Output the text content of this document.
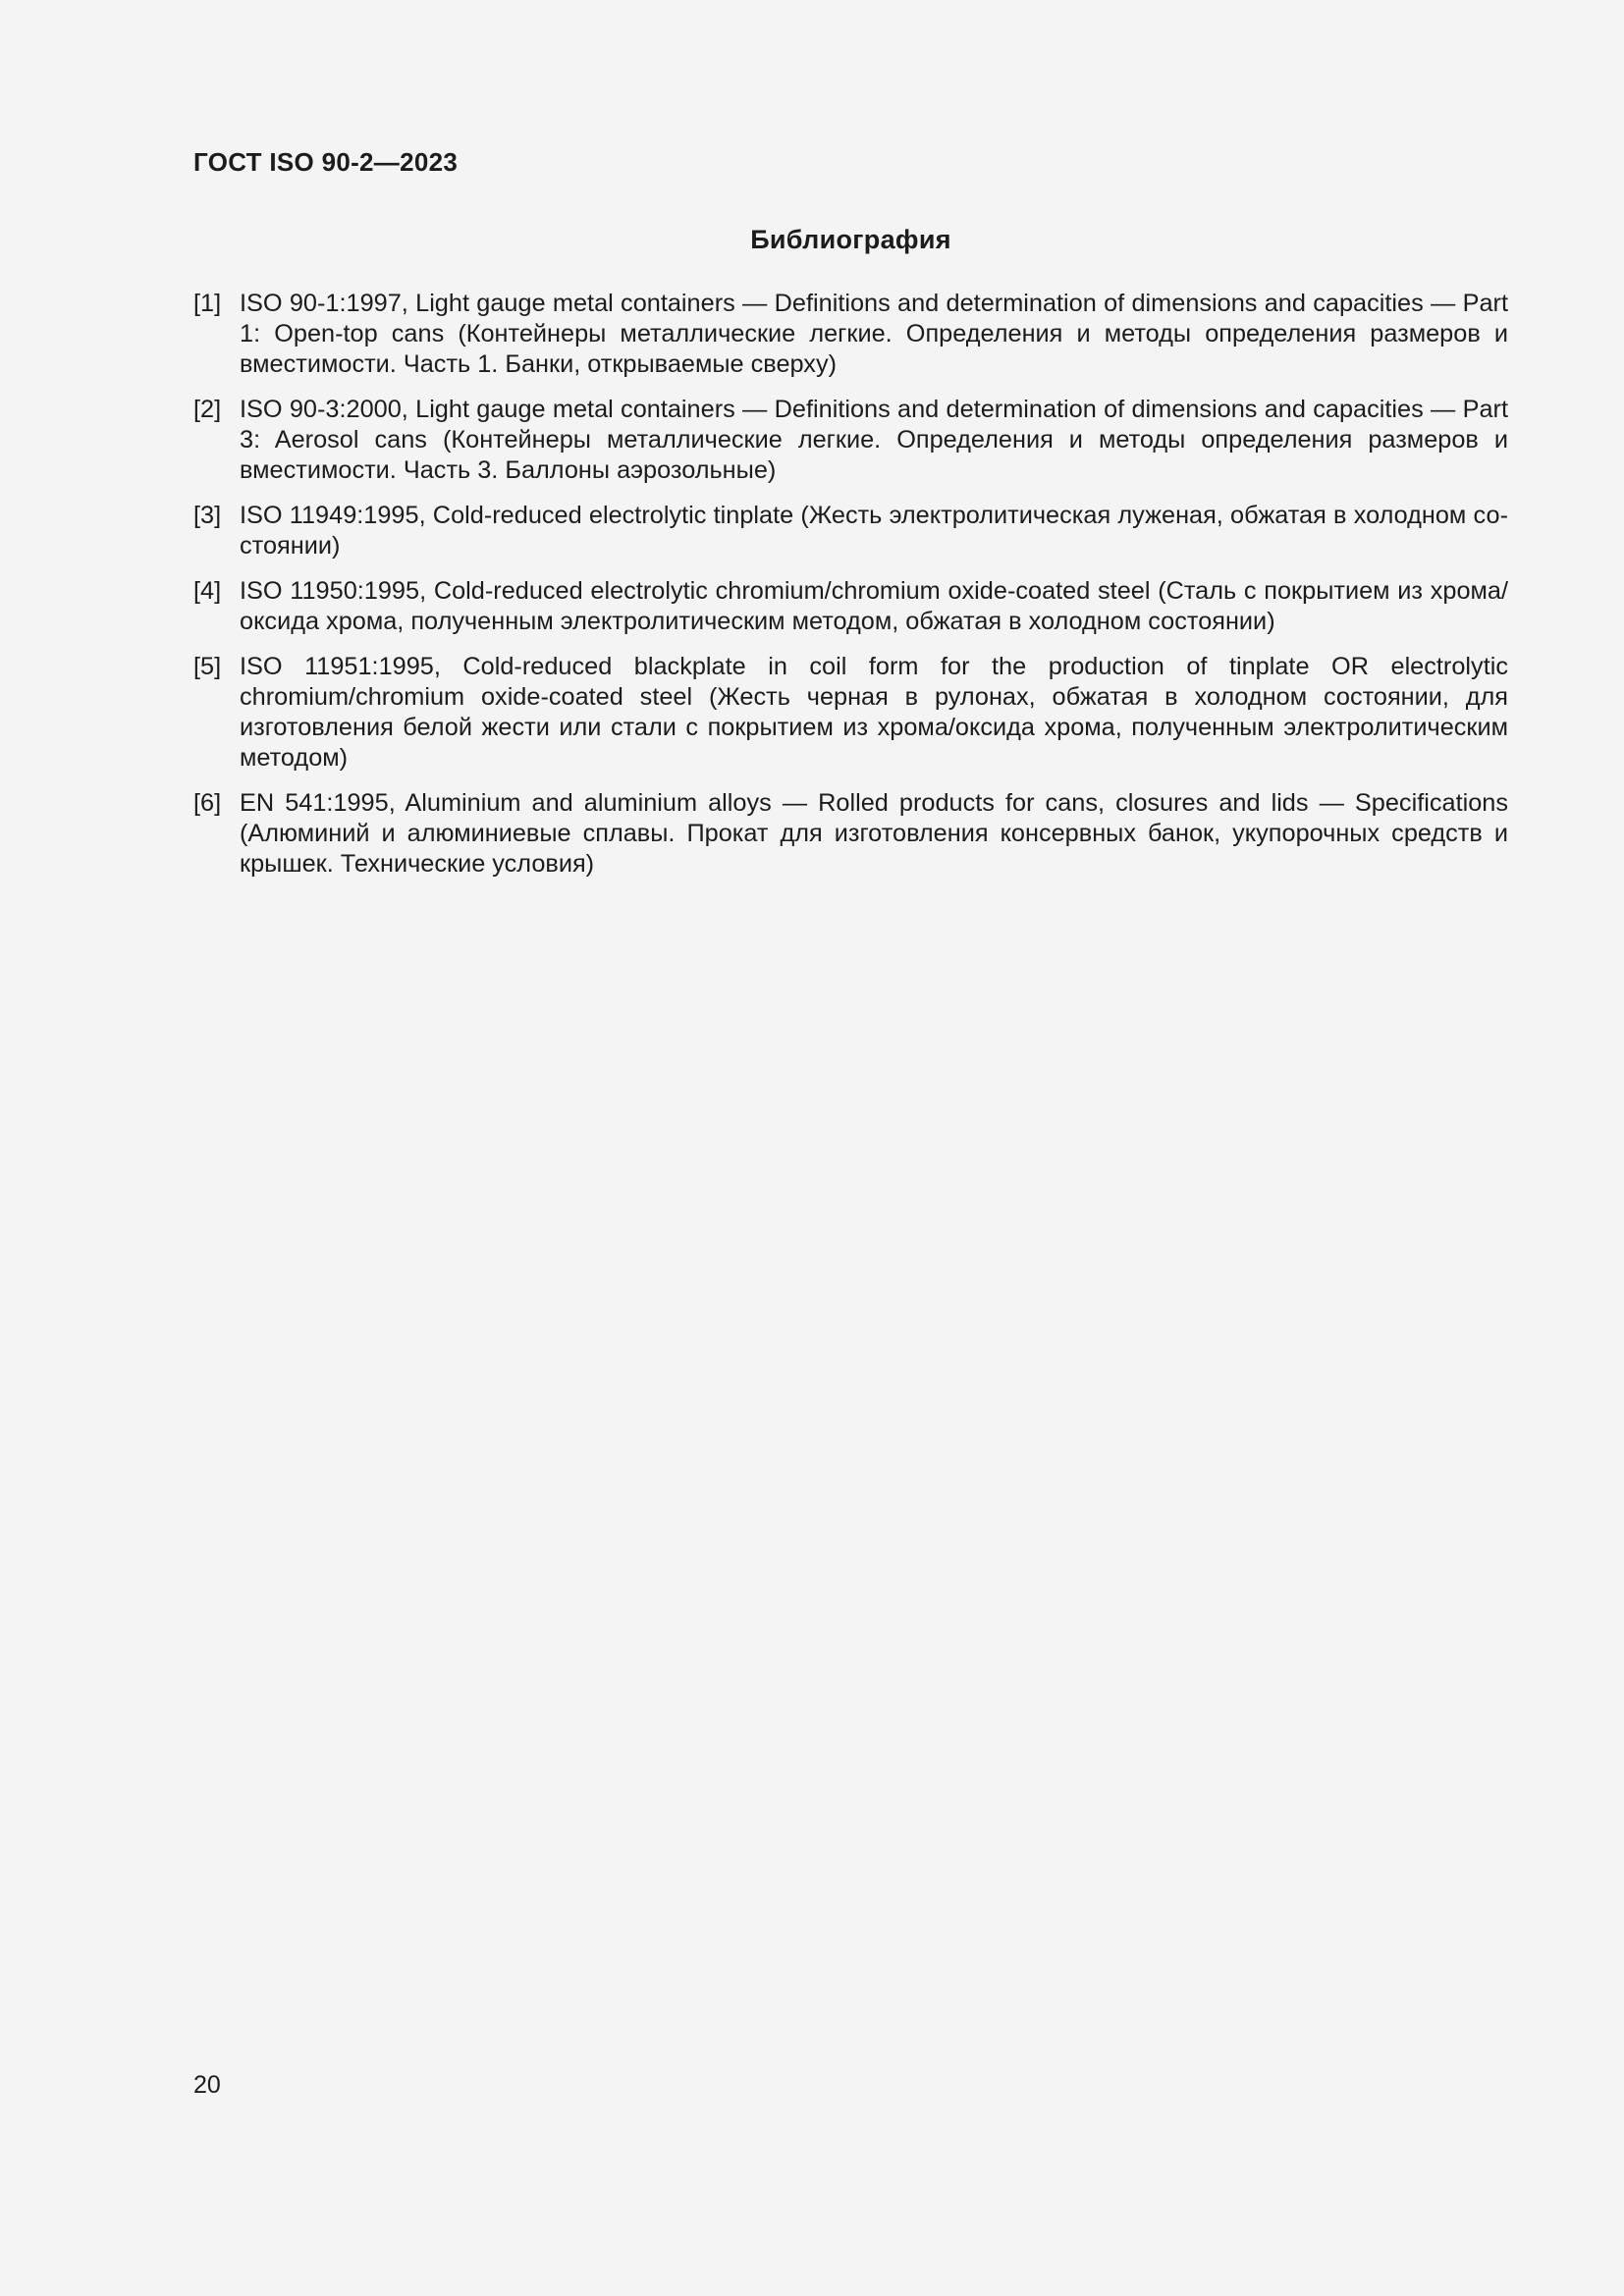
ГОСТ ISO 90-2—2023
Библиография
[1] ISO 90-1:1997, Light gauge metal containers — Definitions and determination of dimensions and capacities — Part 1: Open-top cans (Контейнеры металлические легкие. Определения и методы определения размеров и вместимости. Часть 1. Банки, открываемые сверху)
[2] ISO 90-3:2000, Light gauge metal containers — Definitions and determination of dimensions and capacities — Part 3: Aerosol cans (Контейнеры металлические легкие. Определения и методы определения размеров и вместимости. Часть 3. Баллоны аэрозольные)
[3] ISO 11949:1995, Cold-reduced electrolytic tinplate (Жесть электролитическая луженая, обжатая в холодном состоянии)
[4] ISO 11950:1995, Cold-reduced electrolytic chromium/chromium oxide-coated steel (Сталь с покрытием из хрома/​оксида хрома, полученным электролитическим методом, обжатая в холодном состоянии)
[5] ISO 11951:1995, Cold-reduced blackplate in coil form for the production of tinplate OR electrolytic chromium/chromium oxide-coated steel (Жесть черная в рулонах, обжатая в холодном состоянии, для изготовления белой жести или стали с покрытием из хрома/оксида хрома, полученным электролитическим методом)
[6] EN 541:1995, Aluminium and aluminium alloys — Rolled products for cans, closures and lids — Specifications (Алюминий и алюминиевые сплавы. Прокат для изготовления консервных банок, укупорочных средств и крышек. Технические условия)
20
